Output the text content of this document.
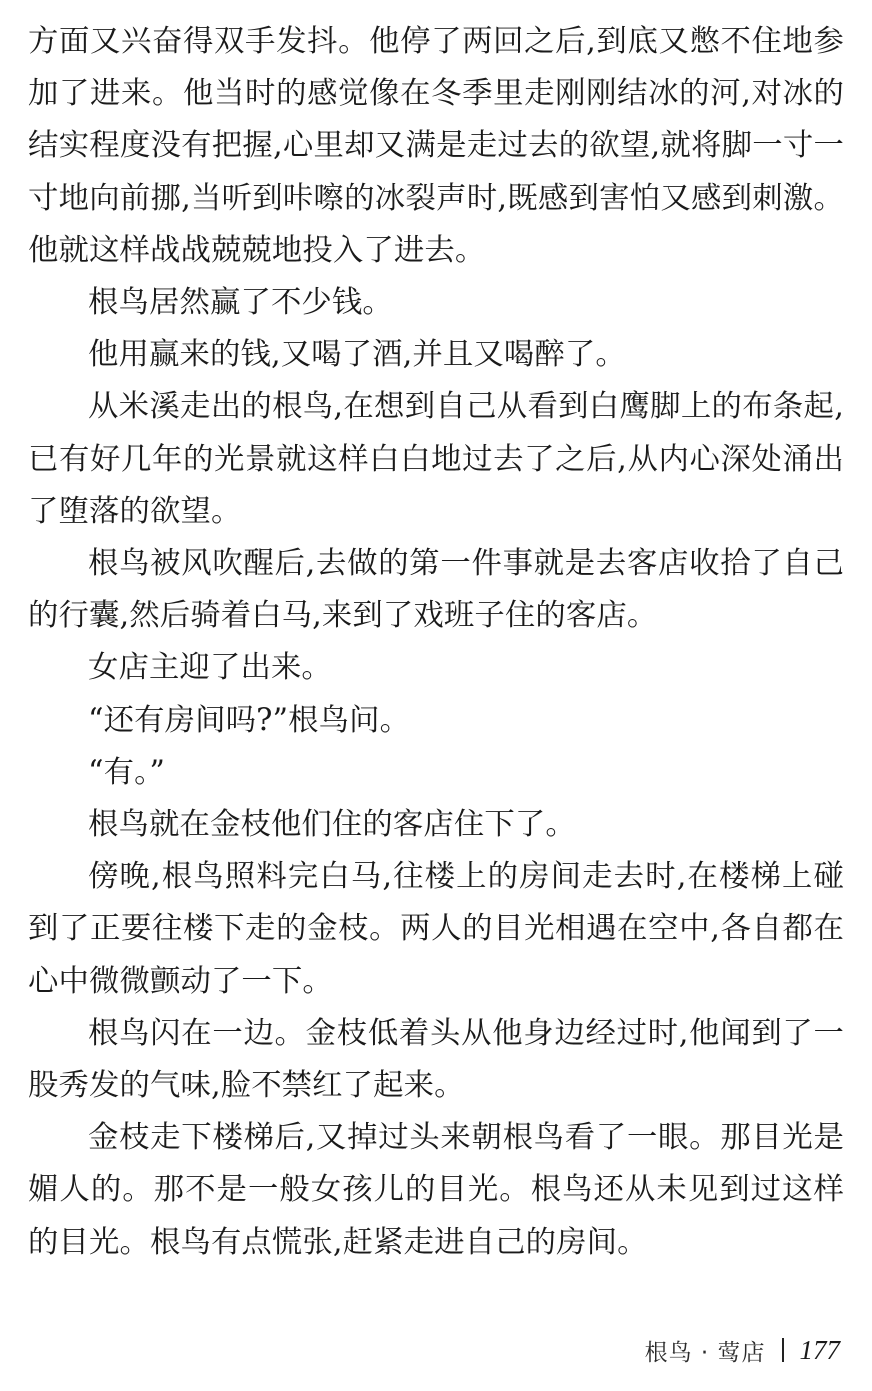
方面又兴奋得双手发抖。他停了两回之后,到底又憋不住地参加了进来。他当时的感觉像在冬季里走刚刚结冰的河,对冰的结实程度没有把握,心里却又满是走过去的欲望,就将脚一寸一寸地向前挪,当听到咔嚓的冰裂声时,既感到害怕又感到刺激。他就这样战战兢兢地投入了进去。

根鸟居然赢了不少钱。

他用赢来的钱,又喝了酒,并且又喝醉了。

从米溪走出的根鸟,在想到自己从看到白鹰脚上的布条起,已有好几年的光景就这样白白地过去了之后,从内心深处涌出了堕落的欲望。

根鸟被风吹醒后,去做的第一件事就是去客店收拾了自己的行囊,然后骑着白马,来到了戏班子住的客店。

女店主迎了出来。

“还有房间吗?”根鸟问。

“有。”

根鸟就在金枝他们住的客店住下了。

傍晚,根鸟照料完白马,往楼上的房间走去时,在楼梯上碰到了正要往楼下走的金枝。两人的目光相遇在空中,各自都在心中微微颤动了一下。

根鸟闪在一边。金枝低着头从他身边经过时,他闻到了一股秀发的气味,脸不禁红了起来。

金枝走下楼梯后,又掉过头来朝根鸟看了一眼。那目光是媚人的。那不是一般女孩儿的目光。根鸟还从未见到过这样的目光。根鸟有点慌张,赶紧走进自己的房间。

根鸟 · 莺店 177
